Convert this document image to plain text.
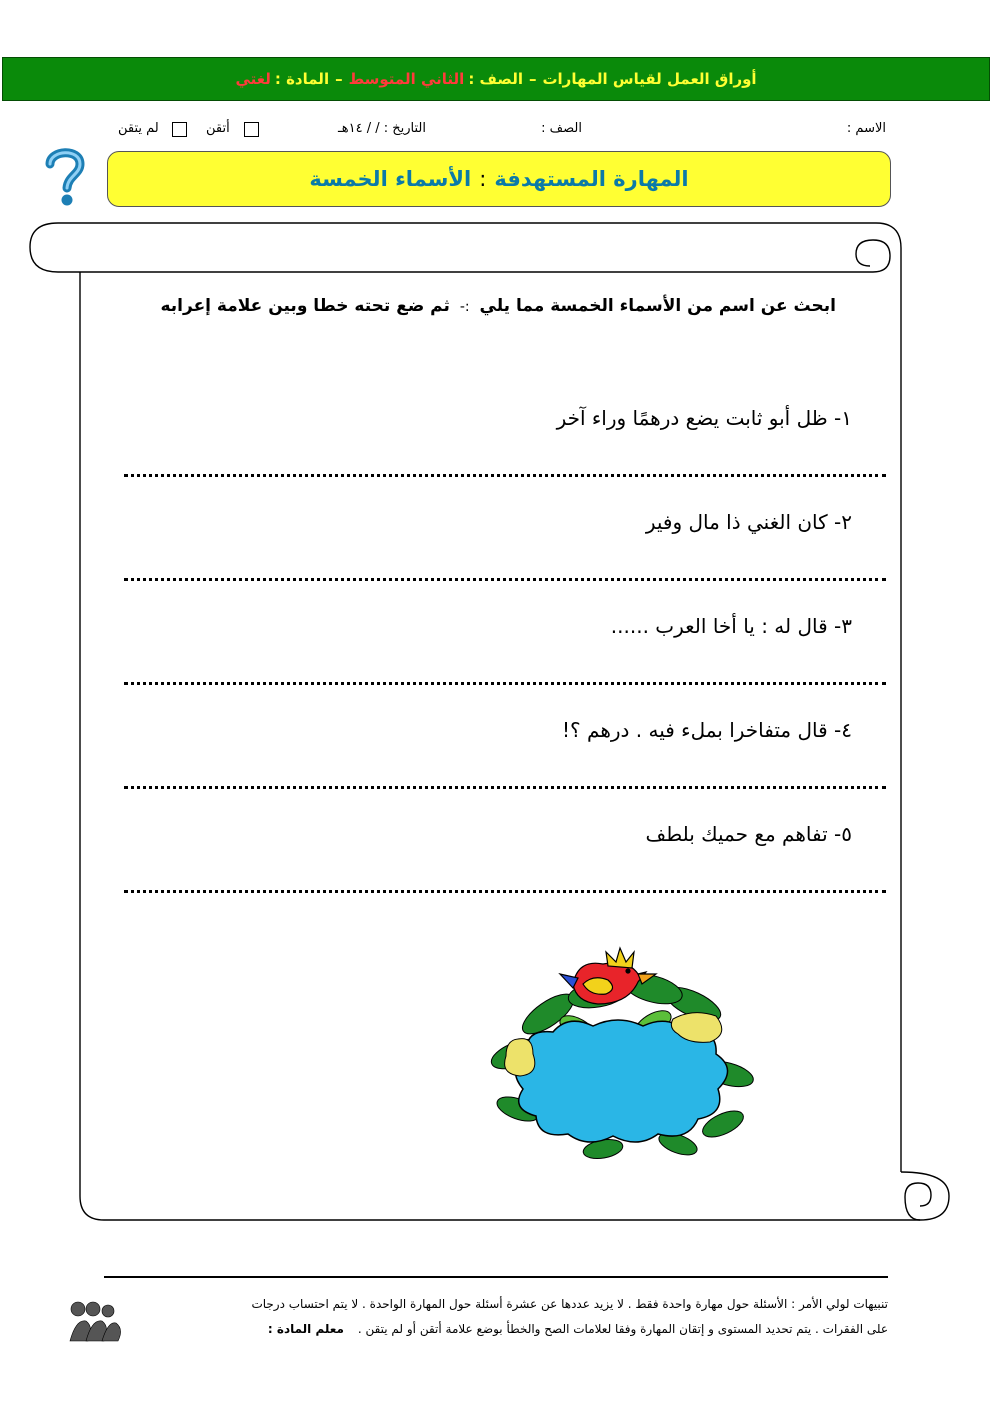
أوراق العمل لقياس المهارات
–
الصف :
الثاني المتوسط
–
المادة :
لغتي
الاسم :
الصف :
التاريخ : / / ١٤هـ
أتقن
لم يتقن
المهارة المستهدفة
:
الأسماء الخمسة
ابحث عن اسم من الأسماء الخمسة مما يلي :- ثم ضع تحته خطا وبين علامة إعرابه
١- ظل أبو ثابت يضع درهمًا وراء آخر
٢- كان الغني ذا مال وفير
٣- قال له : يا أخا العرب ......
٤- قال متفاخرا بملء فيه . درهم ؟!
٥- تفاهم مع حميك بلطف
تنبيهات لولي الأمر : الأسئلة حول مهارة واحدة فقط . لا يزيد عددها عن عشرة أسئلة حول المهارة الواحدة . لا يتم احتساب درجات
على الفقرات . يتم تحديد المستوى و إتقان المهارة وفقا لعلامات الصح والخطأ بوضع علامة أتقن أو لم يتقن . معلم المادة :
